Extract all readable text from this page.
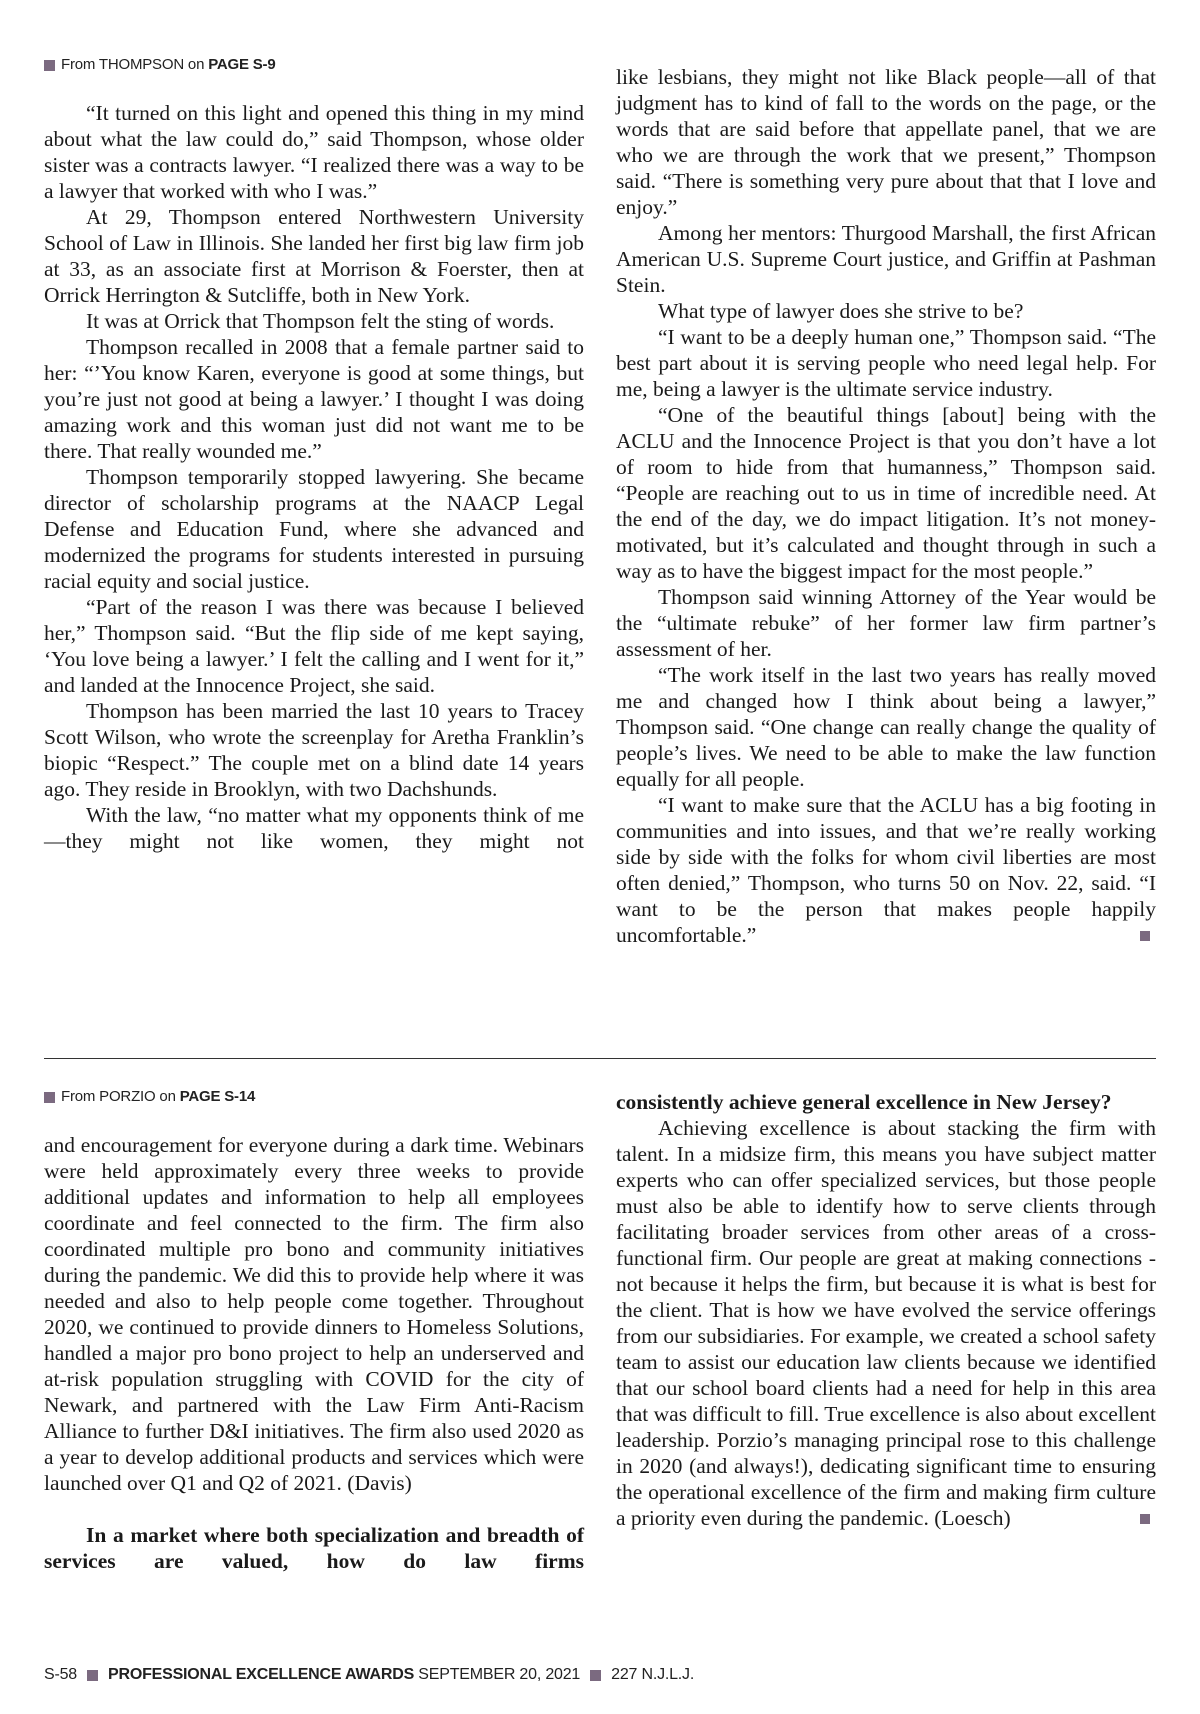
From THOMPSON on
PAGE S-9

“It turned on this light and opened this thing in my mind about what the law could do,” said Thompson, whose older sister was a contracts lawyer. “I realized there was a way to be a lawyer that worked with who I was.”

At 29, Thompson entered Northwestern University School of Law in Illinois. She landed her first big law firm job at 33, as an associate first at Morrison & Foerster, then at Orrick Herrington & Sutcliffe, both in New York.

It was at Orrick that Thompson felt the sting of words.

Thompson recalled in 2008 that a female partner said to her: “’You know Karen, everyone is good at some things, but you’re just not good at being a lawyer.’ I thought I was doing amazing work and this woman just did not want me to be there. That really wounded me.”

Thompson temporarily stopped lawyering. She became director of scholarship programs at the NAACP Legal Defense and Education Fund, where she advanced and modernized the programs for students interested in pursuing racial equity and social justice.

“Part of the reason I was there was because I believed her,” Thompson said. “But the flip side of me kept saying, ‘You love being a lawyer.’ I felt the calling and I went for it,” and landed at the Innocence Project, she said.

Thompson has been married the last 10 years to Tracey Scott Wilson, who wrote the screenplay for Aretha Franklin’s biopic “Respect.” The couple met on a blind date 14 years ago. They reside in Brooklyn, with two Dachshunds.

With the law, “no matter what my opponents think of me—they might not like women, they might not

like lesbians, they might not like Black people—all of that judgment has to kind of fall to the words on the page, or the words that are said before that appellate panel, that we are who we are through the work that we present,” Thompson said. “There is something very pure about that that I love and enjoy.”

Among her mentors: Thurgood Marshall, the first African American U.S. Supreme Court justice, and Griffin at Pashman Stein.

What type of lawyer does she strive to be?

“I want to be a deeply human one,” Thompson said. “The best part about it is serving people who need legal help. For me, being a lawyer is the ultimate service industry.

“One of the beautiful things [about] being with the ACLU and the Innocence Project is that you don’t have a lot of room to hide from that humanness,” Thompson said. “People are reaching out to us in time of incredible need. At the end of the day, we do impact litigation. It’s not money-motivated, but it’s calculated and thought through in such a way as to have the biggest impact for the most people.”

Thompson said winning Attorney of the Year would be the “ultimate rebuke” of her former law firm partner’s assessment of her.

“The work itself in the last two years has really moved me and changed how I think about being a lawyer,” Thompson said. “One change can really change the quality of people’s lives. We need to be able to make the law function equally for all people.

“I want to make sure that the ACLU has a big footing in communities and into issues, and that we’re really working side by side with the folks for whom civil liberties are most often denied,” Thompson, who turns 50 on Nov. 22, said. “I want to be the person that makes people happily uncomfortable.”

From PORZIO on
PAGE S-14

and encouragement for everyone during a dark time. Webinars were held approximately every three weeks to provide additional updates and information to help all employees coordinate and feel connected to the firm. The firm also coordinated multiple pro bono and community initiatives during the pandemic. We did this to provide help where it was needed and also to help people come together. Throughout 2020, we continued to provide dinners to Homeless Solutions, handled a major pro bono project to help an underserved and at-risk population struggling with COVID for the city of Newark, and partnered with the Law Firm Anti-Racism Alliance to further D&I initiatives. The firm also used 2020 as a year to develop additional products and services which were launched over Q1 and Q2 of 2021. (Davis)

In a market where both specialization and breadth of services are valued, how do law firms

consistently achieve general excellence in New Jersey?

Achieving excellence is about stacking the firm with talent. In a midsize firm, this means you have subject matter experts who can offer specialized services, but those people must also be able to identify how to serve clients through facilitating broader services from other areas of a cross-functional firm. Our people are great at making connections - not because it helps the firm, but because it is what is best for the client. That is how we have evolved the service offerings from our subsidiaries. For example, we created a school safety team to assist our education law clients because we identified that our school board clients had a need for help in this area that was difficult to fill. True excellence is also about excellent leadership. Porzio’s managing principal rose to this challenge in 2020 (and always!), dedicating significant time to ensuring the operational excellence of the firm and making firm culture a priority even during the pandemic. (Loesch)

S-58 PROFESSIONAL EXCELLENCE AWARDS
SEPTEMBER 20, 2021 227 N.J.L.J.
